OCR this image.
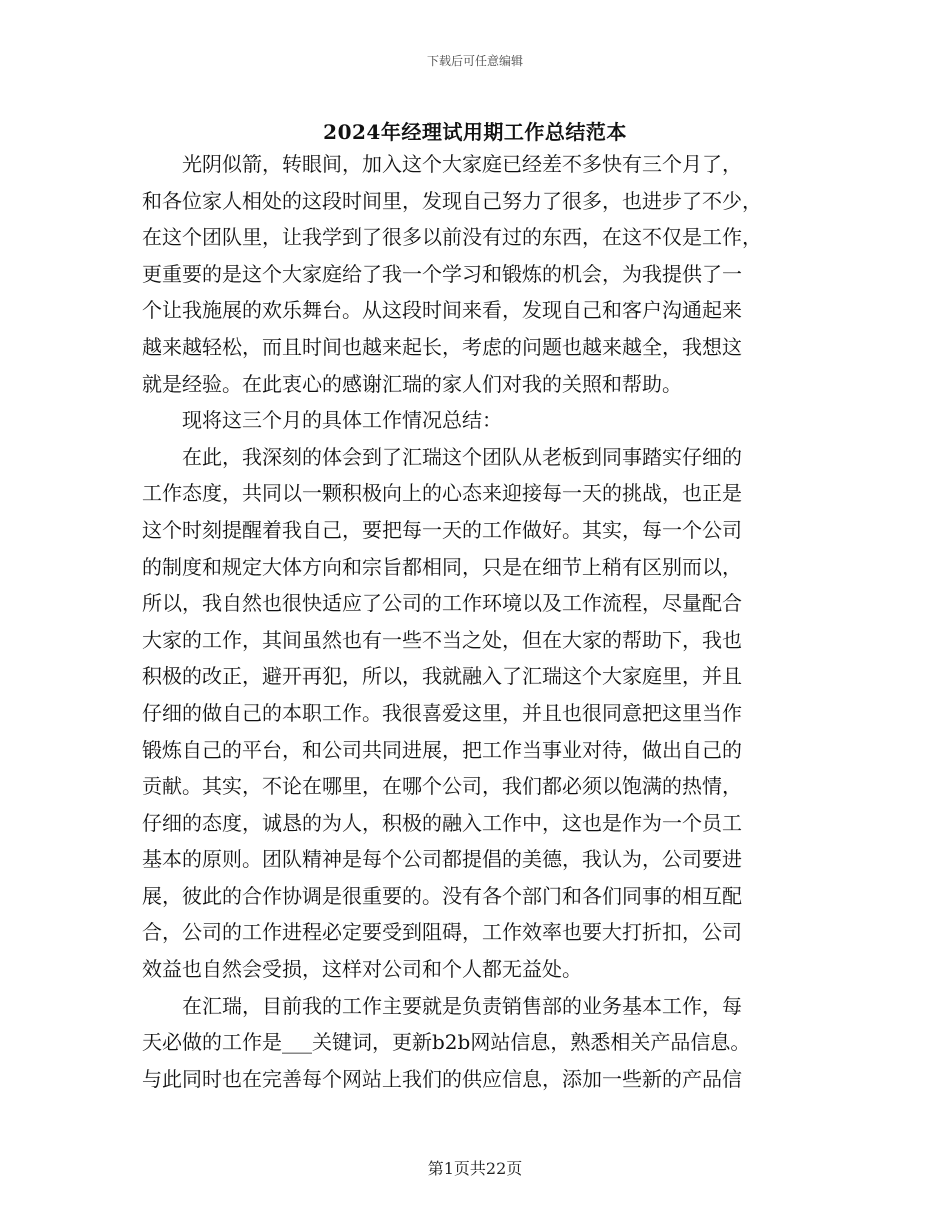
下载后可任意编辑
2024年经理试用期工作总结范本

光阴似箭，转眼间，加入这个大家庭已经差不多快有三个月了，
和各位家人相处的这段时间里，发现自己努力了很多，也进步了不少，
在这个团队里，让我学到了很多以前没有过的东西，在这不仅是工作，
更重要的是这个大家庭给了我一个学习和锻炼的机会，为我提供了一
个让我施展的欢乐舞台。从这段时间来看，发现自己和客户沟通起来
越来越轻松，而且时间也越来起长，考虑的问题也越来越全，我想这
就是经验。在此衷心的感谢汇瑞的家人们对我的关照和帮助。

现将这三个月的具体工作情况总结：

在此，我深刻的体会到了汇瑞这个团队从老板到同事踏实仔细的
工作态度，共同以一颗积极向上的心态来迎接每一天的挑战，也正是
这个时刻提醒着我自己，要把每一天的工作做好。其实，每一个公司
的制度和规定大体方向和宗旨都相同，只是在细节上稍有区别而以，
所以，我自然也很快适应了公司的工作环境以及工作流程，尽量配合
大家的工作，其间虽然也有一些不当之处，但在大家的帮助下，我也
积极的改正，避开再犯，所以，我就融入了汇瑞这个大家庭里，并且
仔细的做自己的本职工作。我很喜爱这里，并且也很同意把这里当作
锻炼自己的平台，和公司共同进展，把工作当事业对待，做出自己的
贡献。其实，不论在哪里，在哪个公司，我们都必须以饱满的热情，
仔细的态度，诚恳的为人，积极的融入工作中，这也是作为一个员工
基本的原则。团队精神是每个公司都提倡的美德，我认为，公司要进
展，彼此的合作协调是很重要的。没有各个部门和各们同事的相互配
合，公司的工作进程必定要受到阻碍，工作效率也要大打折扣，公司
效益也自然会受损，这样对公司和个人都无益处。

在汇瑞，目前我的工作主要就是负责销售部的业务基本工作，每
天必做的工作是___关键词，更新b2b网站信息，熟悉相关产品信息。
与此同时也在完善每个网站上我们的供应信息，添加一些新的产品信

第1页共22页
